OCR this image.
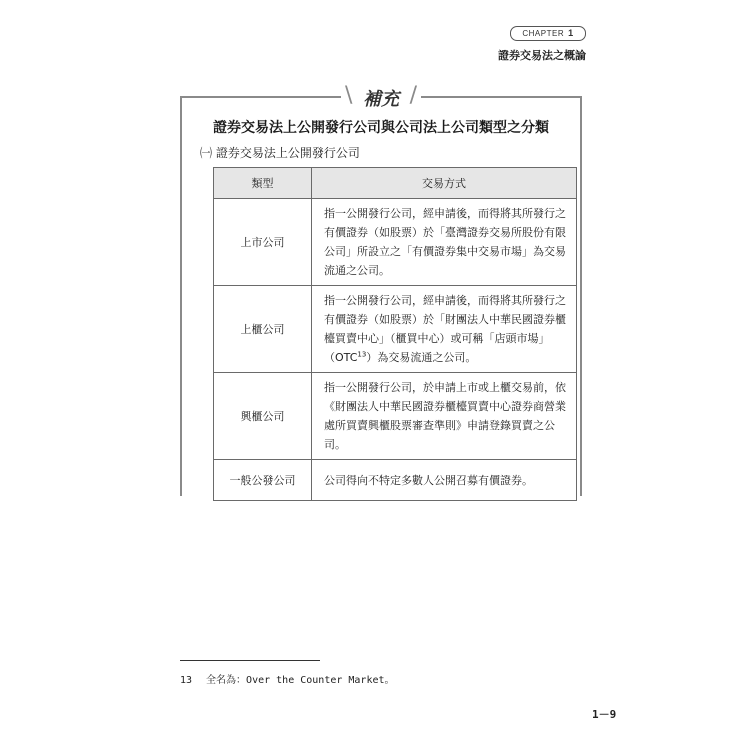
CHAPTER 1
證券交易法之概論
\ 補充 /
證券交易法上公開發行公司與公司法上公司類型之分類
㈠ 證券交易法上公開發行公司
類型	交易方式
上市公司	指一公開發行公司，經申請後，而得將其所發行之
有價證券（如股票）於「臺灣證券交易所股份有限
公司」所設立之「有價證券集中交易市場」為交易
流通之公司。

上櫃公司	指一公開發行公司，經申請後，而得將其所發行之
有價證券（如股票）於「財團法人中華民國證券櫃
檯買賣中心」（櫃買中心）或可稱「店頭市場」
（OTC$^{13}$）為交易流通之公司。

興櫃公司	指一公開發行公司，於申請上市或上櫃交易前，依
《財團法人中華民國證券櫃檯買賣中心證券商營業
處所買賣興櫃股票審查準則》申請登錄買賣之公
司。

一般公發公司	公司得向不特定多數人公開召募有價證券。
13 全名為：Over the Counter Market。
1－9
